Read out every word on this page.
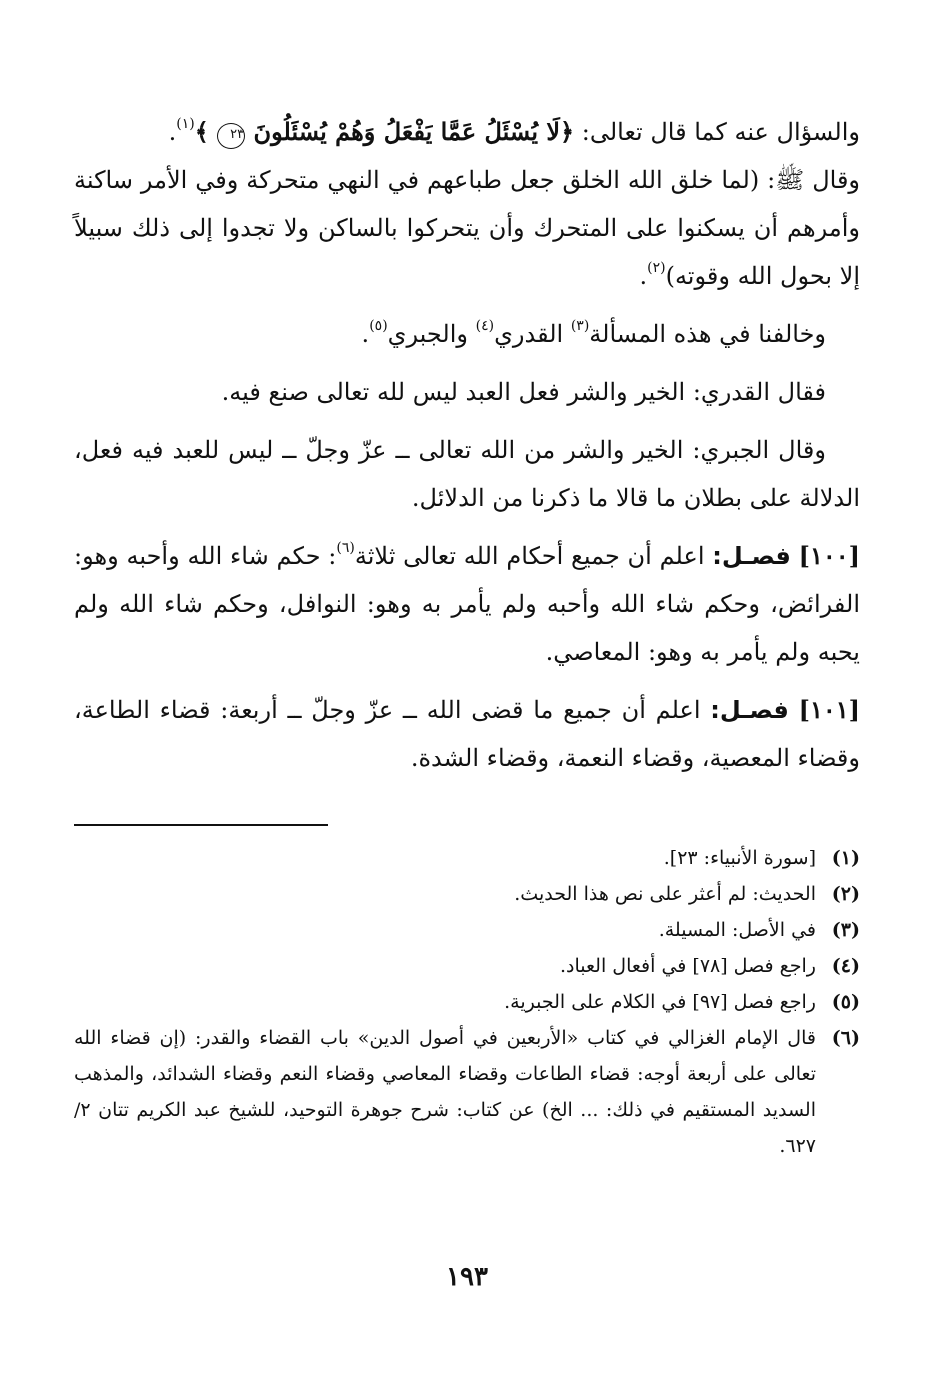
والسؤال عنه كما قال تعالى: ﴿لَا يُسْئَلُ عَمَّا يَفْعَلُ وَهُمْ يُسْئَلُونَ ٢٣ ﴾$^{(١)}$.

وقال ﷺ: (لما خلق الله الخلق جعل طباعهم في النهي متحركة وفي الأمر ساكنة وأمرهم أن يسكنوا على المتحرك وأن يتحركوا بالساكن ولا تجدوا إلى ذلك سبيلاً إلا بحول الله وقوته)$^{(٢)}$.

وخالفنا في هذه المسألة$^{(٣)}$ القدري$^{(٤)}$ والجبري$^{(٥)}$.

فقال القدري: الخير والشر فعل العبد ليس لله تعالى صنع فيه.

وقال الجبري: الخير والشر من الله تعالى ــ عزّ وجلّ ــ ليس للعبد فيه فعل، الدلالة على بطلان ما قالا ما ذكرنا من الدلائل.

[١٠٠] فصـل: اعلم أن جميع أحكام الله تعالى ثلاثة$^{(٦)}$: حكم شاء الله وأحبه وهو: الفرائض، وحكم شاء الله وأحبه ولم يأمر به وهو: النوافل، وحكم شاء الله ولم يحبه ولم يأمر به وهو: المعاصي.

[١٠١] فصـل: اعلم أن جميع ما قضى الله ــ عزّ وجلّ ــ أربعة: قضاء الطاعة، وقضاء المعصية، وقضاء النعمة، وقضاء الشدة.

(١)
[سورة الأنبياء: ٢٣].
(٢)
الحديث: لم أعثر على نص هذا الحديث.
(٣)
في الأصل: المسيلة.
(٤)
راجع فصل [٧٨] في أفعال العباد.
(٥)
راجع فصل [٩٧] في الكلام على الجبرية.
(٦)
قال الإمام الغزالي في كتاب «الأربعين في أصول الدين» باب القضاء والقدر: (إن قضاء الله تعالى على أربعة أوجه: قضاء الطاعات وقضاء المعاصي وقضاء النعم وقضاء الشدائد، والمذهب السديد المستقيم في ذلك: ... الخ) عن كتاب: شرح جوهرة التوحيد، للشيخ عبد الكريم تتان ٢/ ٦٢٧.
١٩٣
